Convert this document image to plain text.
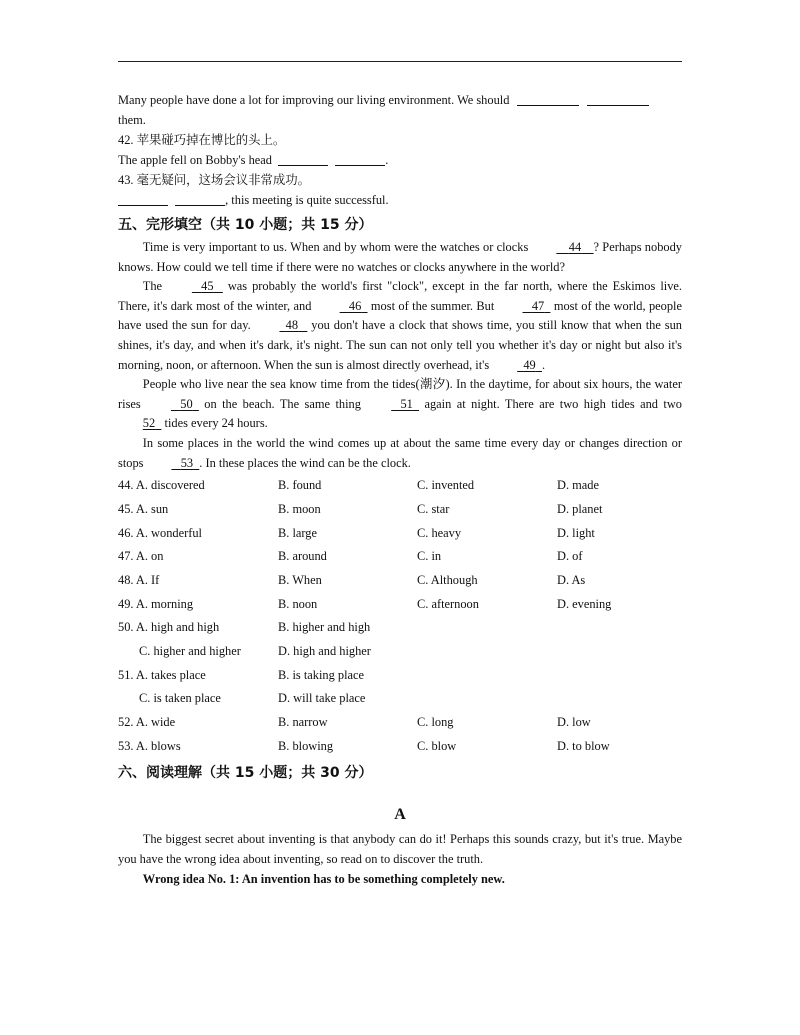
Many people have done a lot for improving our living environment. We should
them.
42. 苹果碰巧掉在博比的头上。
The apple fell on Bobby's head	.
43. 毫无疑问，这场会议非常成功。
, this meeting is quite successful.
五、完形填空（共 10 小题；共 15 分）

Time is very important to us. When and by whom were the watches or clocks	44 ? Perhaps nobody knows. How could we tell time if there were no watches or clocks anywhere in the world?

The	45 was probably the world's first "clock", except in the far north, where the Eskimos live. There, it's dark most of the winter, and	46 most of the summer. But	47 most of the world, people have used the sun for day.	48 you don't have a clock that shows time, you still know that when the sun shines, it's day, and when it's dark, it's night. The sun can not only tell you whether it's day or night but also it's morning, noon, or afternoon. When the sun is almost directly overhead, it's	49 .

People who live near the sea know time from the tides(潮汐). In the daytime, for about six hours, the water rises	50 on the beach. The same thing	51 again at night. There are two high tides and two 52 tides every 24 hours.

In some places in the world the wind comes up at about the same time every day or changes direction or stops	53 . In these places the wind can be the clock.

44. A. discovered	B. found	C. invented	D. made
45. A. sun	B. moon	C. star	D. planet
46. A. wonderful	B. large	C. heavy	D. light
47. A. on	B. around	C. in	D. of
48. A. If	B. When	C. Although	D. As
49. A. morning	B. noon	C. afternoon	D. evening
50. A. high and high	B. higher and high
C. higher and higher	D. high and higher
51. A. takes place	B. is taking place
C. is taken place	D. will take place
52. A. wide	B. narrow	C. long	D. low
53. A. blows	B. blowing	C. blow	D. to blow
六、阅读理解（共 15 小题；共 30 分）
A

The biggest secret about inventing is that anybody can do it! Perhaps this sounds crazy, but it's true. Maybe you have the wrong idea about inventing, so read on to discover the truth.

Wrong idea No. 1: An invention has to be something completely new.
